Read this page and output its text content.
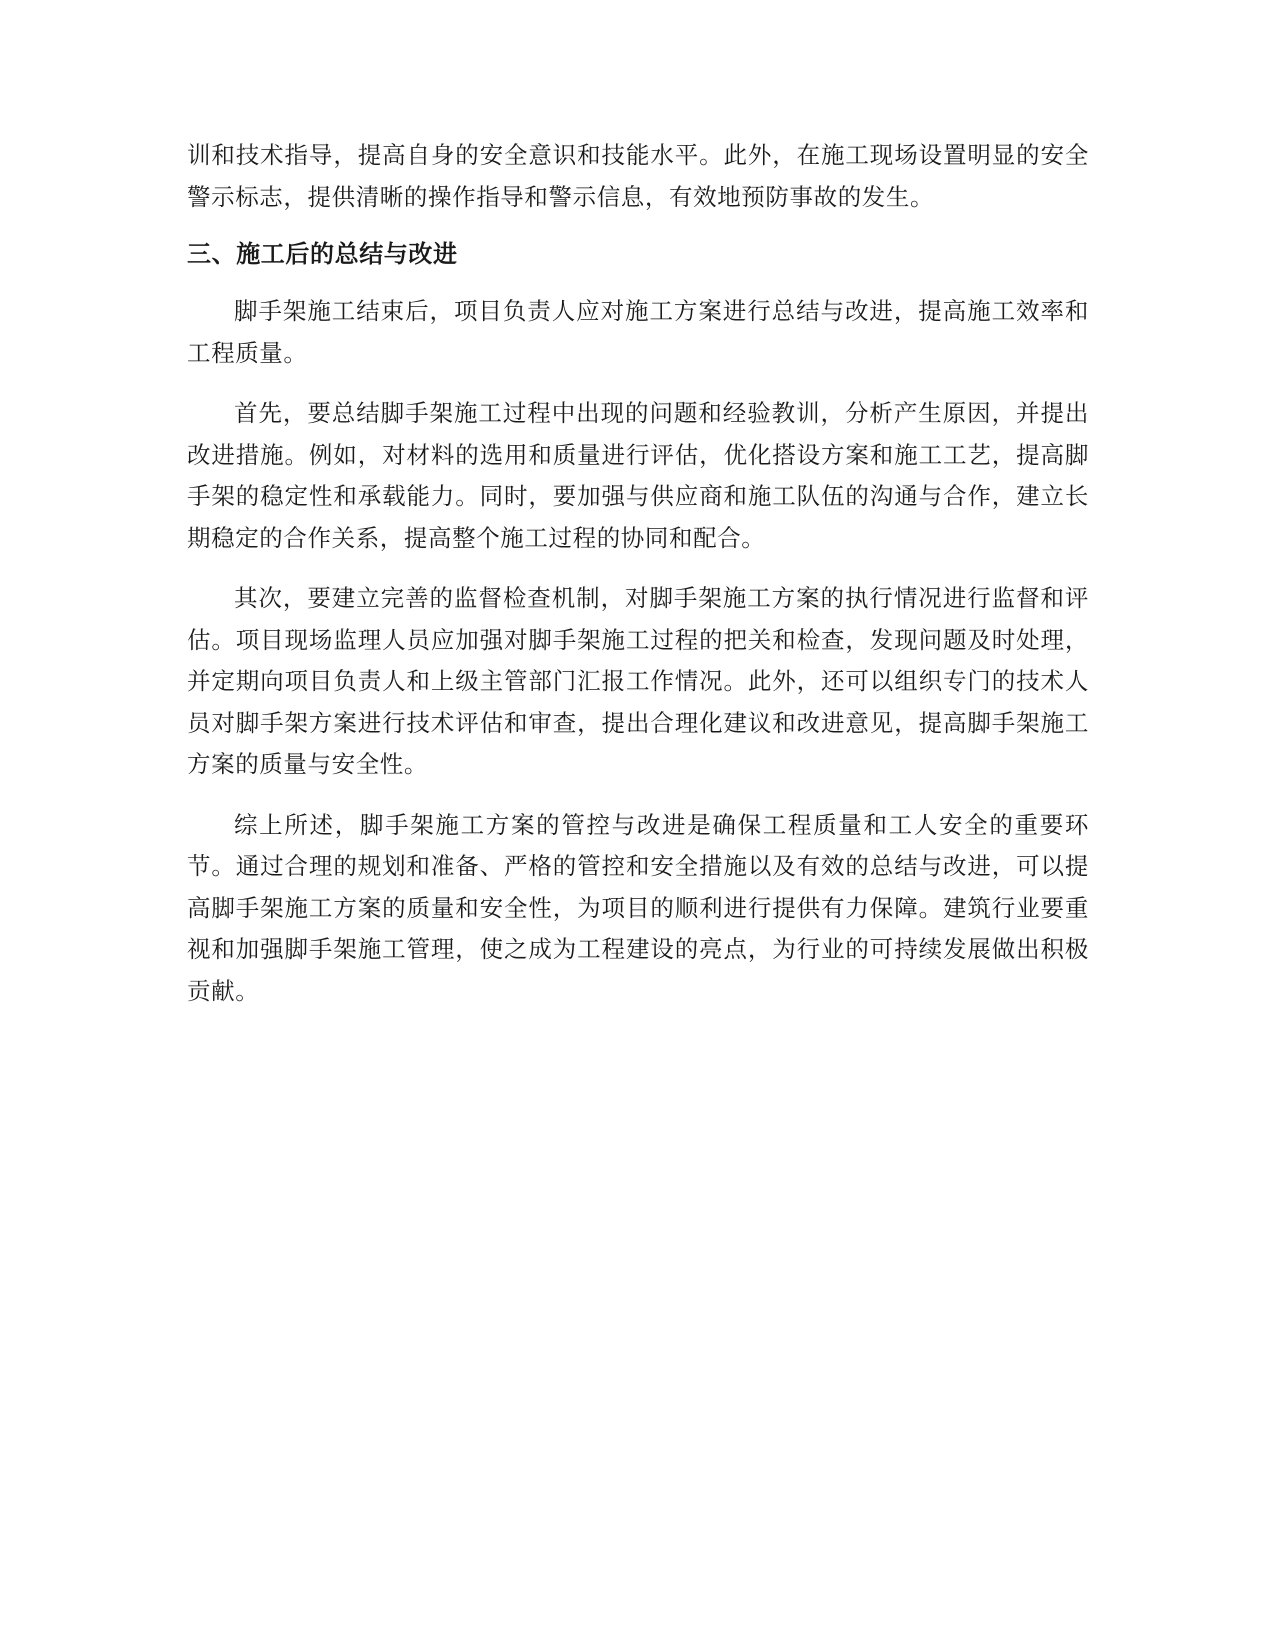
训和技术指导，提高自身的安全意识和技能水平。此外，在施工现场设置明显的安全警示标志，提供清晰的操作指导和警示信息，有效地预防事故的发生。

三、施工后的总结与改进

脚手架施工结束后，项目负责人应对施工方案进行总结与改进，提高施工效率和工程质量。

首先，要总结脚手架施工过程中出现的问题和经验教训，分析产生原因，并提出改进措施。例如，对材料的选用和质量进行评估，优化搭设方案和施工工艺，提高脚手架的稳定性和承载能力。同时，要加强与供应商和施工队伍的沟通与合作，建立长期稳定的合作关系，提高整个施工过程的协同和配合。

其次，要建立完善的监督检查机制，对脚手架施工方案的执行情况进行监督和评估。项目现场监理人员应加强对脚手架施工过程的把关和检查，发现问题及时处理，并定期向项目负责人和上级主管部门汇报工作情况。此外，还可以组织专门的技术人员对脚手架方案进行技术评估和审查，提出合理化建议和改进意见，提高脚手架施工方案的质量与安全性。

综上所述，脚手架施工方案的管控与改进是确保工程质量和工人安全的重要环节。通过合理的规划和准备、严格的管控和安全措施以及有效的总结与改进，可以提高脚手架施工方案的质量和安全性，为项目的顺利进行提供有力保障。建筑行业要重视和加强脚手架施工管理，使之成为工程建设的亮点，为行业的可持续发展做出积极贡献。
